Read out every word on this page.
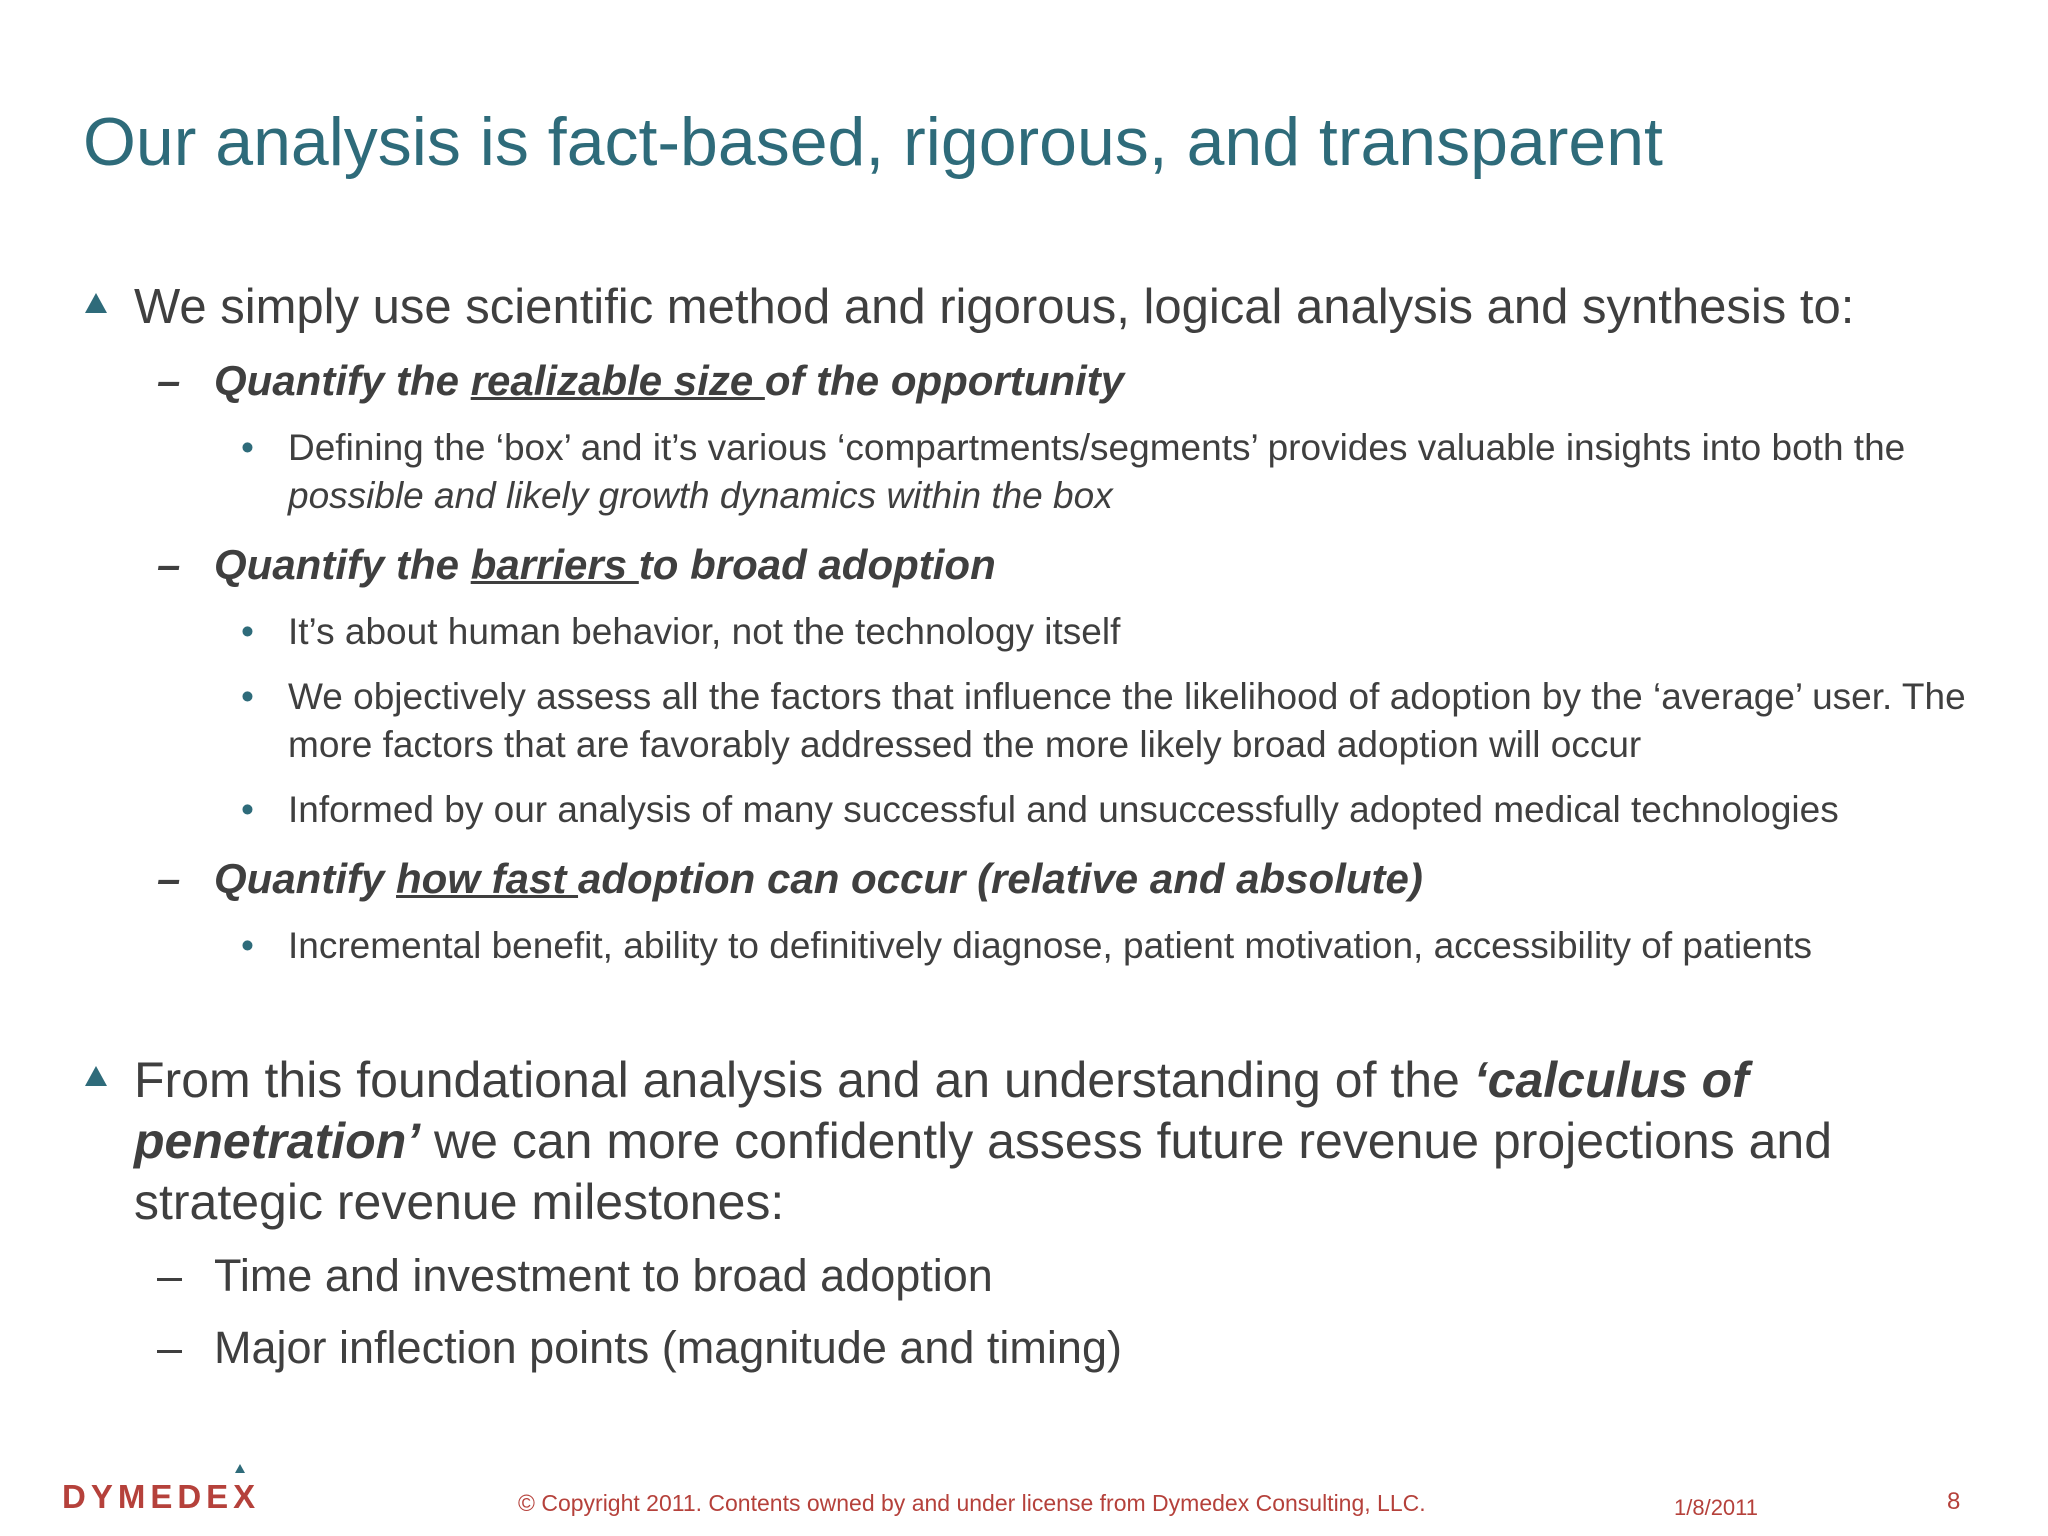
Our analysis is fact-based, rigorous, and transparent
We simply use scientific method and rigorous, logical analysis and synthesis to:
– Quantify the realizable size of the opportunity
• Defining the ‘box’ and it’s various ‘compartments/segments’ provides valuable insights into both the possible and likely growth dynamics within the box
– Quantify the barriers to broad adoption
• It’s about human behavior, not the technology itself
• We objectively assess all the factors that influence the likelihood of adoption by the ‘average’ user. The more factors that are favorably addressed the more likely broad adoption will occur
• Informed by our analysis of many successful and unsuccessfully adopted medical technologies
– Quantify how fast adoption can occur (relative and absolute)
• Incremental benefit, ability to definitively diagnose, patient motivation, accessibility of patients
From this foundational analysis and an understanding of the ‘calculus of penetration’ we can more confidently assess future revenue projections and strategic revenue milestones:
– Time and investment to broad adoption
– Major inflection points (magnitude and timing)
DYMEDEX	© Copyright 2011. Contents owned by and under license from Dymedex Consulting, LLC.	1/8/2011	8
